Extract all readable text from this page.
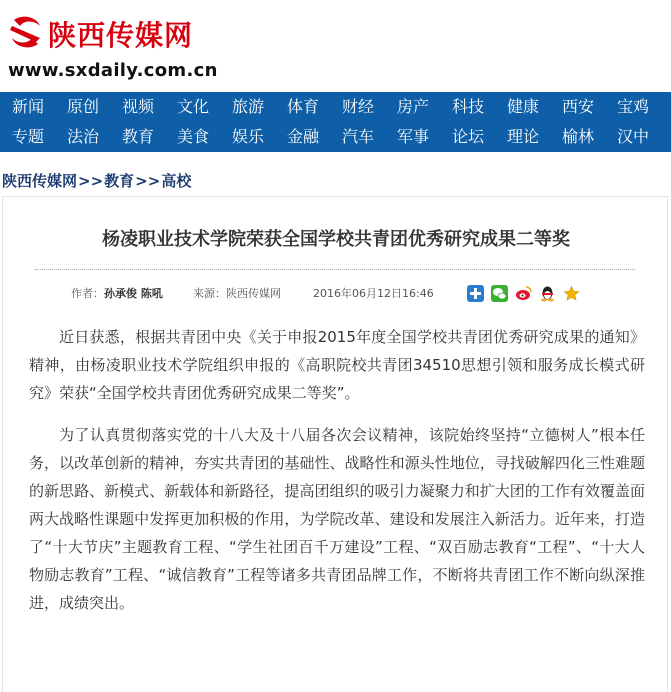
陕西传媒网
www.sxdaily.com.cn
新闻 原创 视频 文化 旅游 体育 财经 房产 科技 健康 西安 宝鸡
专题 法治 教育 美食 娱乐 金融 汽车 军事 论坛 理论 榆林 汉中
陕西传媒网>>教育>>高校
杨凌职业技术学院荣获全国学校共青团优秀研究成果二等奖
作者：孙承俊 陈吼	来源：陕西传媒网	2016年06月12日16:46

近日获悉，根据共青团中央《关于申报2015年度全国学校共青团优秀研究成果的通知》精神，由杨凌职业技术学院组织申报的《高职院校共青团34510思想引领和服务成长模式研究》荣获“全国学校共青团优秀研究成果二等奖”。

为了认真贯彻落实党的十八大及十八届各次会议精神，该院始终坚持“立德树人”根本任务，以改革创新的精神，夯实共青团的基础性、战略性和源头性地位，寻找破解四化三性难题的新思路、新模式、新载体和新路径，提高团组织的吸引力凝聚力和扩大团的工作有效覆盖面两大战略性课题中发挥更加积极的作用，为学院改革、建设和发展注入新活力。近年来，打造了“十大节庆”主题教育工程、“学生社团百千万建设”工程、“双百励志教育“工程”、“十大人物励志教育”工程、“诚信教育”工程等诸多共青团品牌工作，不断将共青团工作不断向纵深推进，成绩突出。
